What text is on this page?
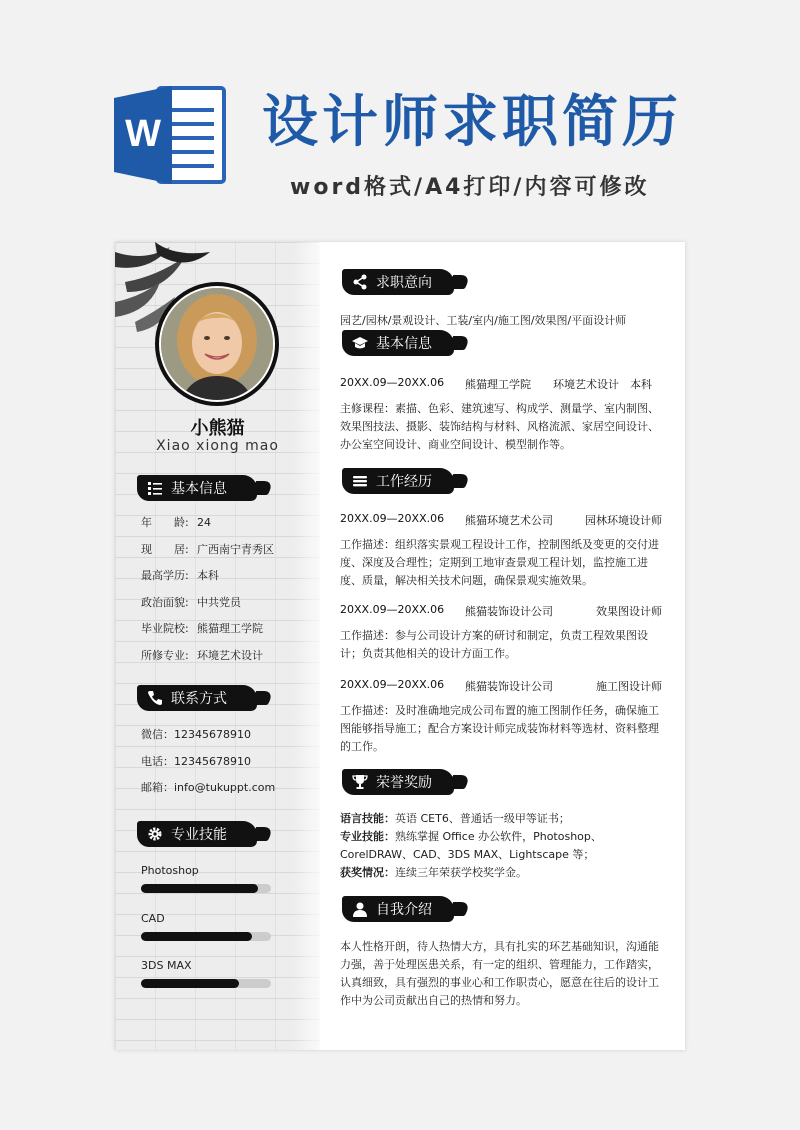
W 设计师求职简历
word格式/A4打印/内容可修改
小熊猫
Xiao xiong mao
基本信息
年　　龄: 24
现　　居: 广西南宁青秀区
最高学历: 本科
政治面貌: 中共党员
毕业院校: 熊猫理工学院
所修专业: 环境艺术设计
联系方式
微信：12345678910
电话：12345678910
邮箱：info@tukuppt.com
专业技能
Photoshop
CAD
3DS MAX
求职意向
园艺/园林/景观设计、工装/室内/施工图/效果图/平面设计师
基本信息
20XX.09—20XX.06	熊猫理工学院	环境艺术设计　本科
主修课程：素描、色彩、建筑速写、构成学、测量学、室内制图、效果图技法、摄影、装饰结构与材料、风格流派、家居空间设计、办公室空间设计、商业空间设计、模型制作等。
工作经历
20XX.09—20XX.06	熊猫环境艺术公司	园林环境设计师
工作描述：组织落实景观工程设计工作，控制图纸及变更的交付进度、深度及合理性；定期到工地审查景观工程计划，监控施工进度、质量，解决相关技术问题，确保景观实施效果。
20XX.09—20XX.06	熊猫装饰设计公司	效果图设计师
工作描述：参与公司设计方案的研讨和制定，负责工程效果图设计；负责其他相关的设计方面工作。
20XX.09—20XX.06	熊猫装饰设计公司	施工图设计师
工作描述：及时准确地完成公司布置的施工图制作任务，确保施工图能够指导施工；配合方案设计师完成装饰材料等选材、资料整理的工作。
荣誉奖励
语言技能：英语 CET6、普通话一级甲等证书；
专业技能：熟练掌握 Office 办公软件，Photoshop、CorelDRAW、CAD、3DS MAX、Lightscape 等；
获奖情况：连续三年荣获学校奖学金。
自我介绍
本人性格开朗，待人热情大方，具有扎实的环艺基础知识，沟通能力强，善于处理医患关系，有一定的组织、管理能力，工作踏实，认真细致，具有强烈的事业心和工作职责心，愿意在往后的设计工作中为公司贡献出自己的热情和努力。
